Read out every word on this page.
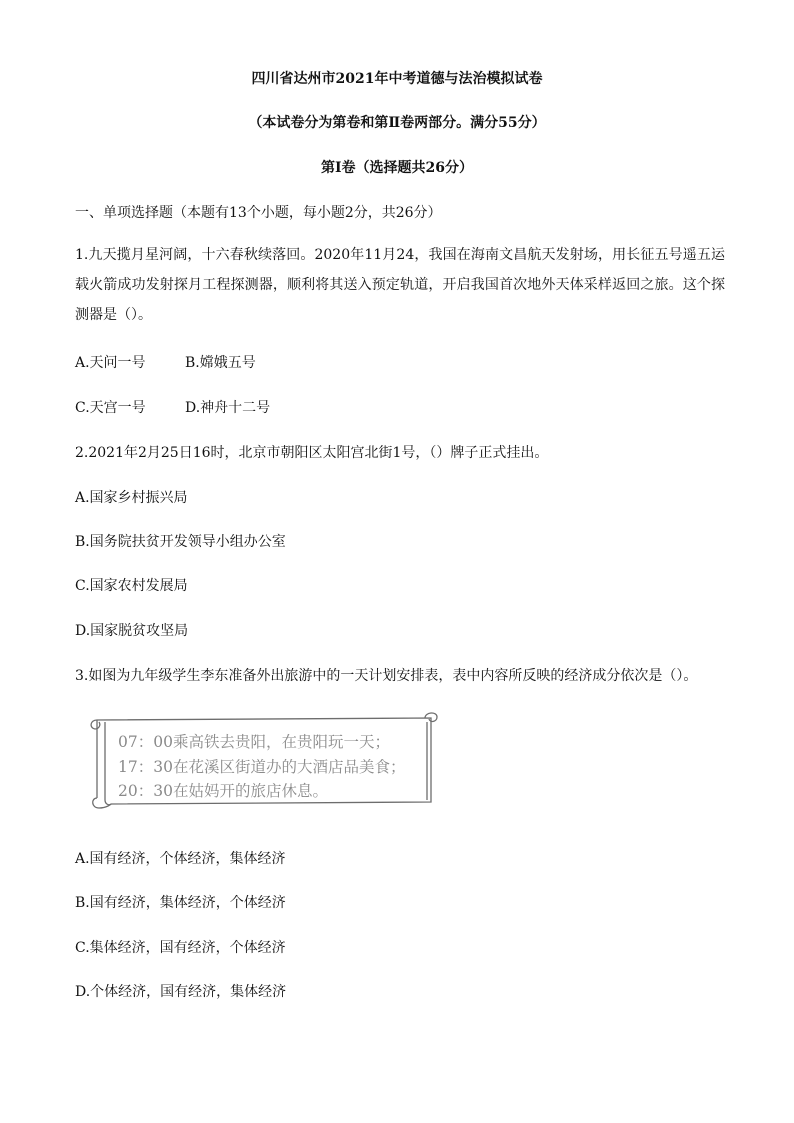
四川省达州市2021年中考道德与法治模拟试卷
（本试卷分为第卷和第Ⅱ卷两部分。满分55分）
第Ⅰ卷（选择题共26分）
一、单项选择题（本题有13个小题，每小题2分，共26分）
1.九天揽月星河阔，十六春秋续落回。2020年11月24，我国在海南文昌航天发射场，用长征五号遥五运载火箭成功发射探月工程探测器，顺利将其送入预定轨道，开启我国首次地外天体采样返回之旅。这个探测器是（）。
A.天问一号	B.嫦娥五号
C.天宫一号	D.神舟十二号
2.2021年2月25日16时，北京市朝阳区太阳宫北街1号，（）牌子正式挂出。
A.国家乡村振兴局
B.国务院扶贫开发领导小组办公室
C.国家农村发展局
D.国家脱贫攻坚局
3.如图为九年级学生李东准备外出旅游中的一天计划安排表，表中内容所反映的经济成分依次是（）。
07：00乘高铁去贵阳，在贵阳玩一天；
17：30在花溪区街道办的大酒店品美食；
20：30在姑妈开的旅店休息。
A.国有经济，个体经济，集体经济
B.国有经济，集体经济，个体经济
C.集体经济，国有经济，个体经济
D.个体经济，国有经济，集体经济
